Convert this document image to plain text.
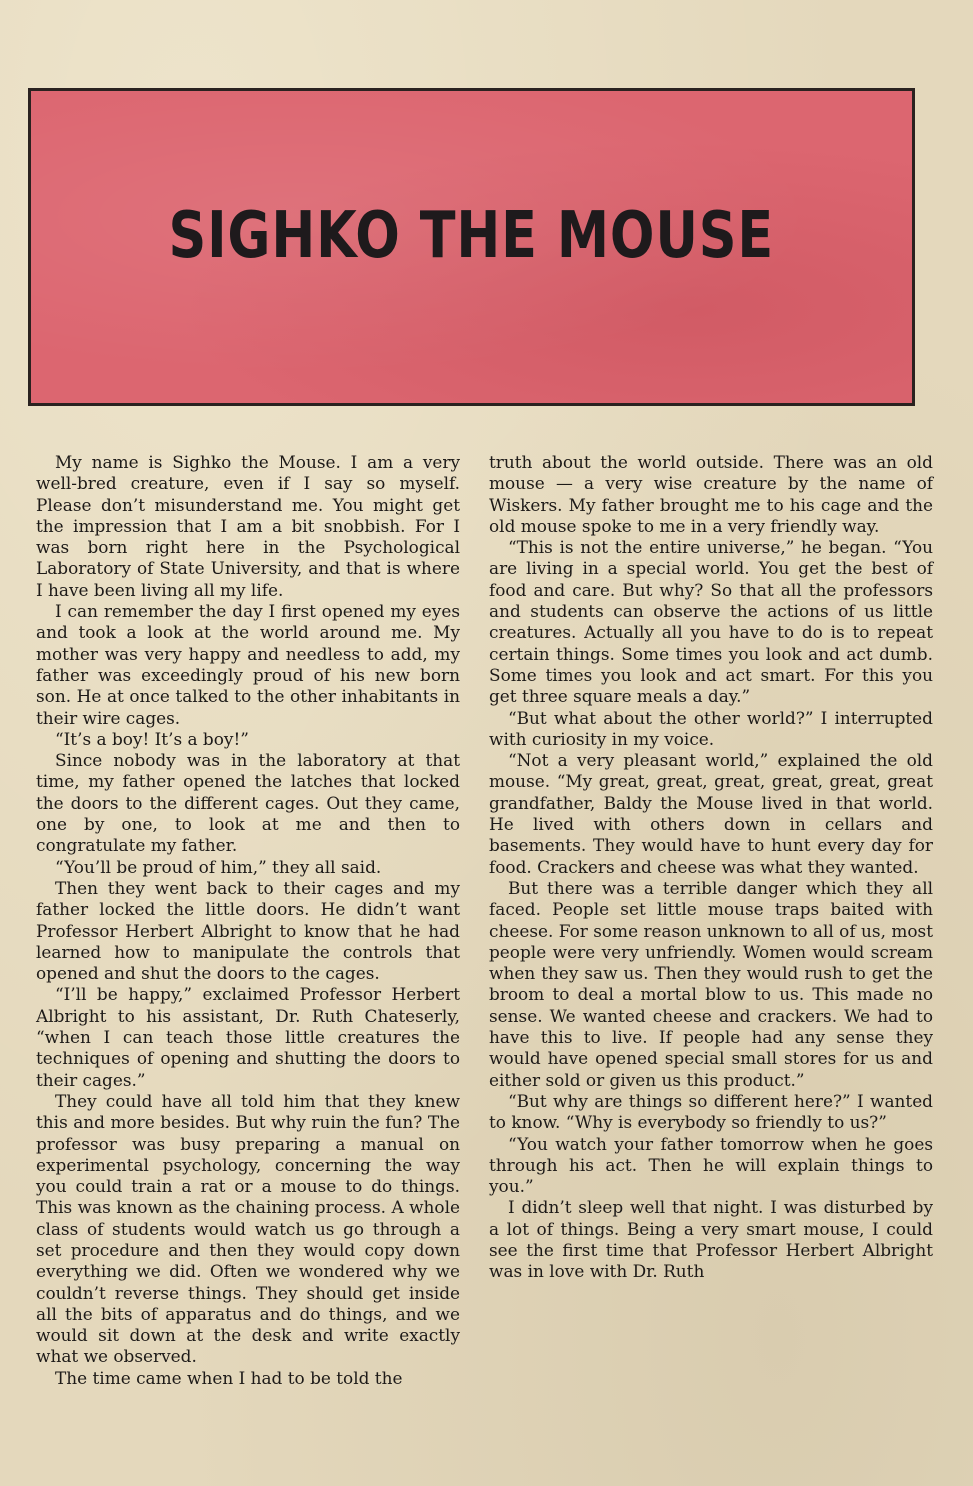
SIGHKO THE MOUSE

My name is Sighko the Mouse. I am a very well-bred creature, even if I say so myself. Please don’t misunderstand me. You might get the impression that I am a bit snobbish. For I was born right here in the Psychological Laboratory of State University, and that is where I have been living all my life.

I can remember the day I first opened my eyes and took a look at the world around me. My mother was very happy and needless to add, my father was exceedingly proud of his new born son. He at once talked to the other inhabitants in their wire cages.

“It’s a boy! It’s a boy!”

Since nobody was in the laboratory at that time, my father opened the latches that locked the doors to the different cages. Out they came, one by one, to look at me and then to congratulate my father.

“You’ll be proud of him,” they all said.

Then they went back to their cages and my father locked the little doors. He didn’t want Professor Herbert Albright to know that he had learned how to manipulate the controls that opened and shut the doors to the cages.

“I’ll be happy,” exclaimed Professor Herbert Albright to his assistant, Dr. Ruth Chateserly, “when I can teach those little creatures the techniques of opening and shutting the doors to their cages.”

They could have all told him that they knew this and more besides. But why ruin the fun? The professor was busy preparing a manual on experimental psychology, concerning the way you could train a rat or a mouse to do things. This was known as the chaining process. A whole class of students would watch us go through a set procedure and then they would copy down everything we did. Often we wondered why we couldn’t reverse things. They should get inside all the bits of apparatus and do things, and we would sit down at the desk and write exactly what we observed.

The time came when I had to be told the

truth about the world outside. There was an old mouse — a very wise creature by the name of Wiskers. My father brought me to his cage and the old mouse spoke to me in a very friendly way.

“This is not the entire universe,” he began. “You are living in a special world. You get the best of food and care. But why? So that all the professors and students can observe the actions of us little creatures. Actually all you have to do is to repeat certain things. Some times you look and act dumb. Some times you look and act smart. For this you get three square meals a day.”

“But what about the other world?” I interrupted with curiosity in my voice.

“Not a very pleasant world,” explained the old mouse. “My great, great, great, great, great, great grandfather, Baldy the Mouse lived in that world. He lived with others down in cellars and basements. They would have to hunt every day for food. Crackers and cheese was what they wanted.

But there was a terrible danger which they all faced. People set little mouse traps baited with cheese. For some reason unknown to all of us, most people were very unfriendly. Women would scream when they saw us. Then they would rush to get the broom to deal a mortal blow to us. This made no sense. We wanted cheese and crackers. We had to have this to live. If people had any sense they would have opened special small stores for us and either sold or given us this product.”

“But why are things so different here?” I wanted to know. “Why is everybody so friendly to us?”

“You watch your father tomorrow when he goes through his act. Then he will explain things to you.”

I didn’t sleep well that night. I was disturbed by a lot of things. Being a very smart mouse, I could see the first time that Professor Herbert Albright was in love with Dr. Ruth
